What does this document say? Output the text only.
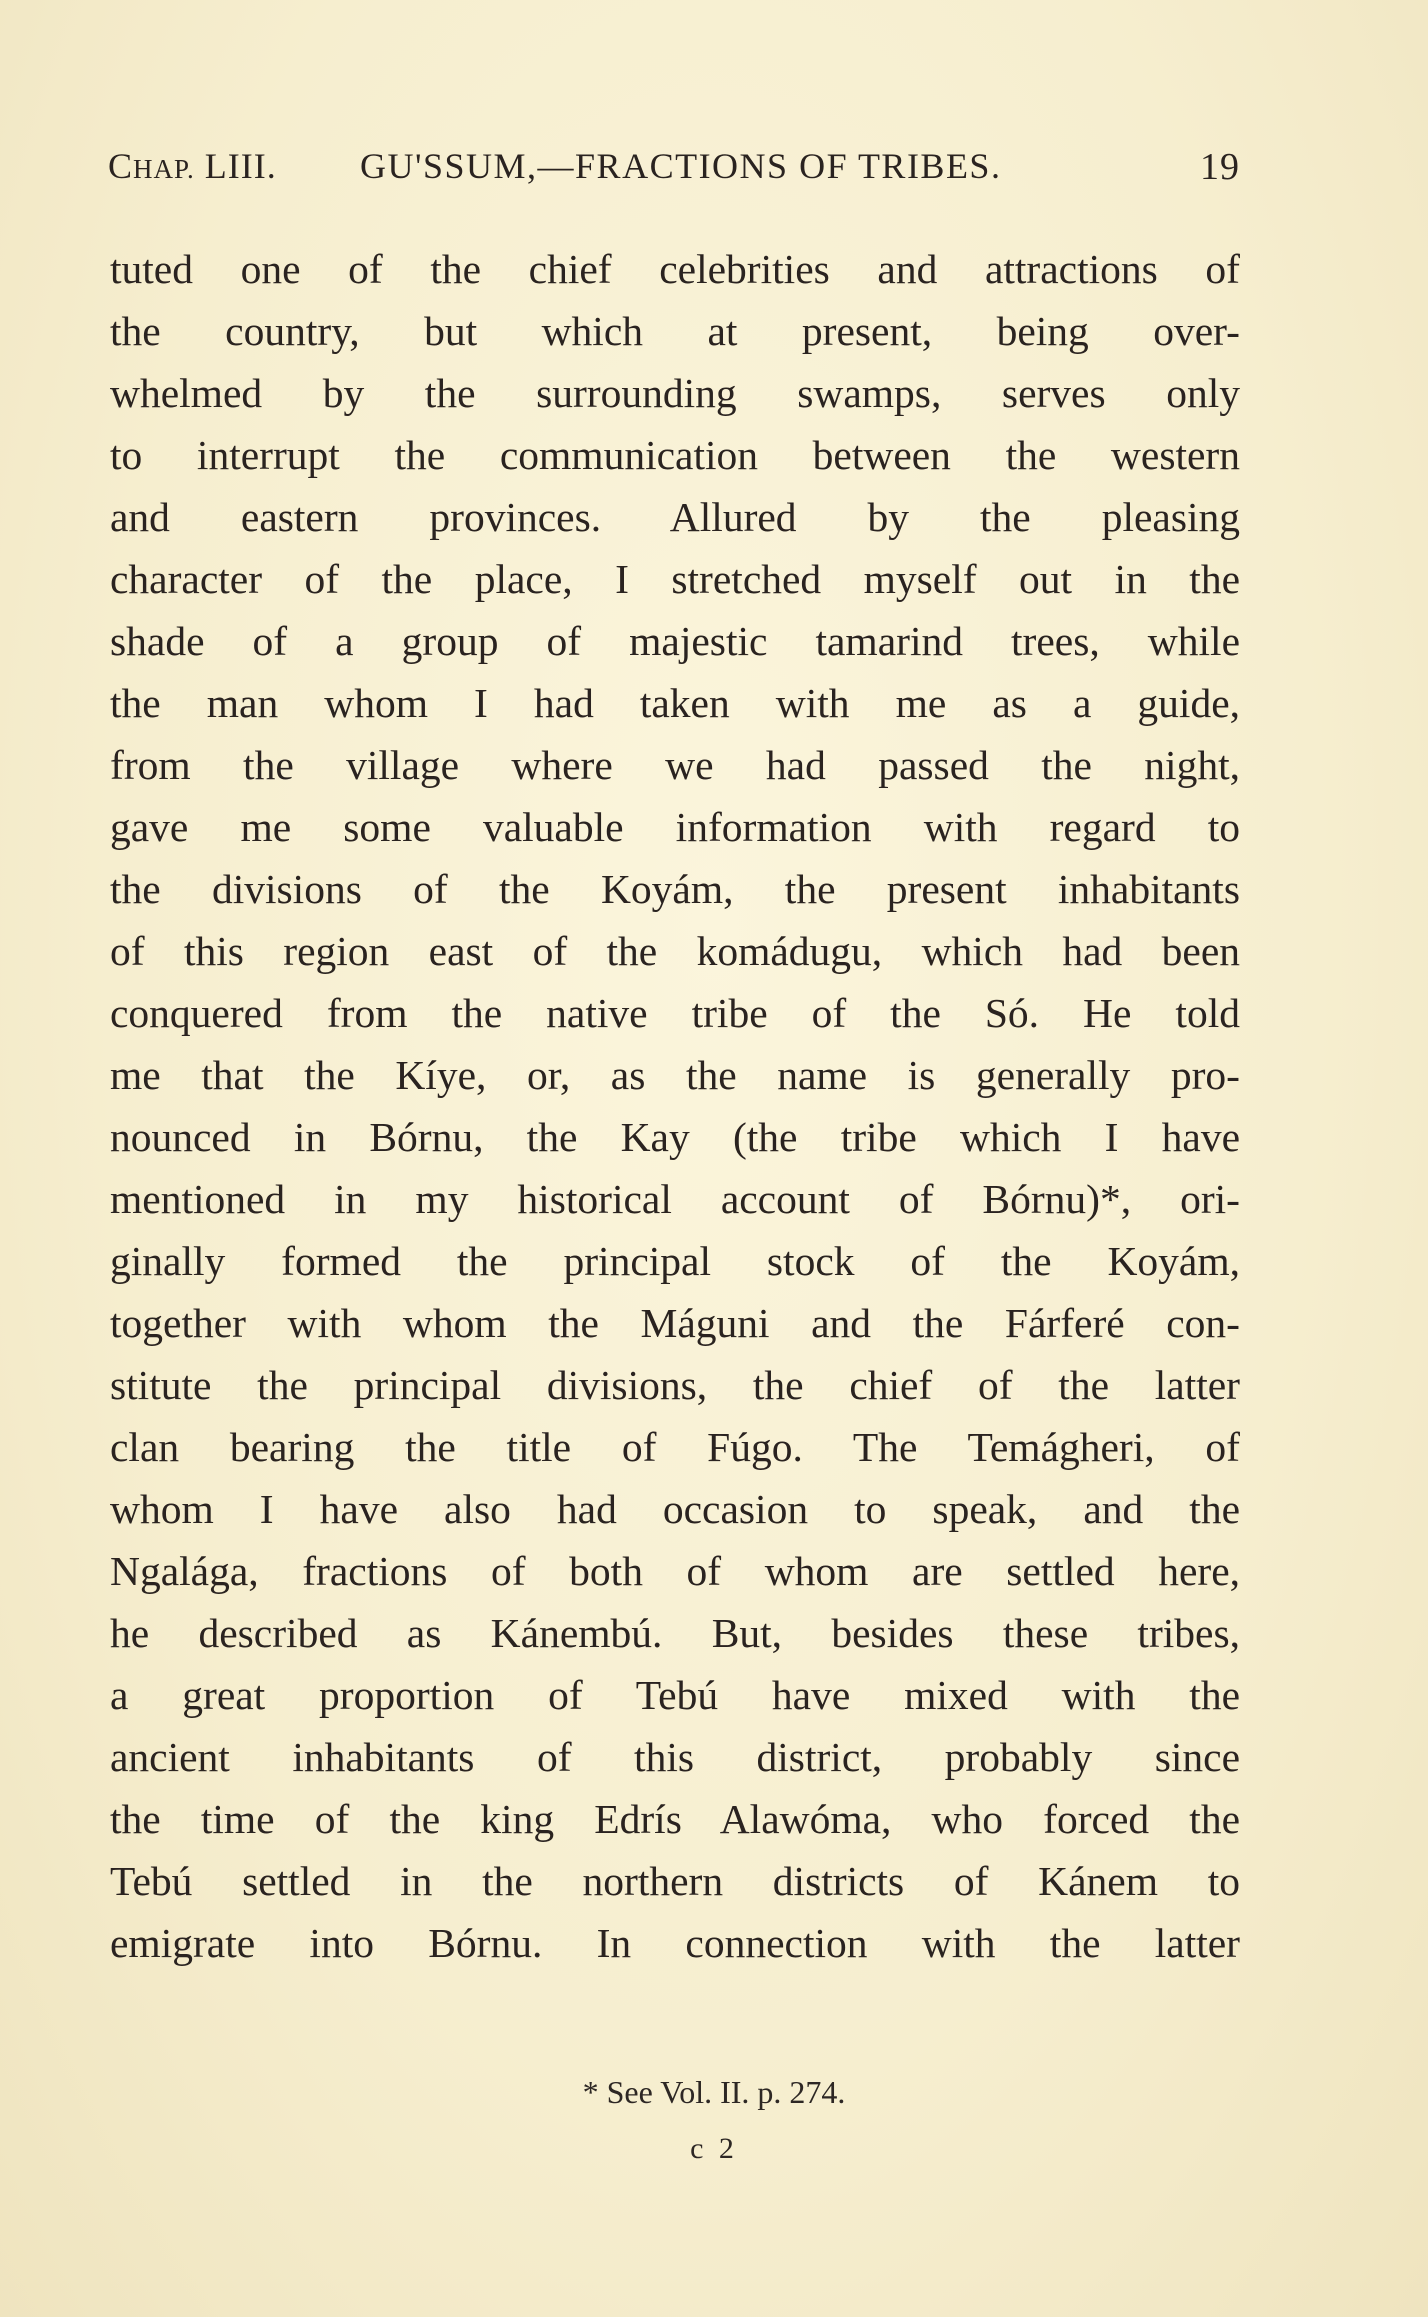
CHAP. LIII. GU'SSUM,—FRACTIONS OF TRIBES.	19
tuted one of the chief celebrities and attractions of
the country, but which at present, being over-
whelmed by the surrounding swamps, serves only
to interrupt the communication between the western
and eastern provinces. Allured by the pleasing
character of the place, I stretched myself out in the
shade of a group of majestic tamarind trees, while
the man whom I had taken with me as a guide,
from the village where we had passed the night,
gave me some valuable information with regard to
the divisions of the Koyám, the present inhabitants
of this region east of the komádugu, which had been
conquered from the native tribe of the Só. He told
me that the Kíye, or, as the name is generally pro-
nounced in Bórnu, the Kay (the tribe which I have
mentioned in my historical account of Bórnu)*, ori-
ginally formed the principal stock of the Koyám,
together with whom the Máguni and the Fárferé con-
stitute the principal divisions, the chief of the latter
clan bearing the title of Fúgo. The Temágheri, of
whom I have also had occasion to speak, and the
Ngalága, fractions of both of whom are settled here,
he described as Kánembú. But, besides these tribes,
a great proportion of Tebú have mixed with the
ancient inhabitants of this district, probably since
the time of the king Edrís Alawóma, who forced the
Tebú settled in the northern districts of Kánem to
emigrate into Bórnu. In connection with the latter
* See Vol. II. p. 274.
c 2
